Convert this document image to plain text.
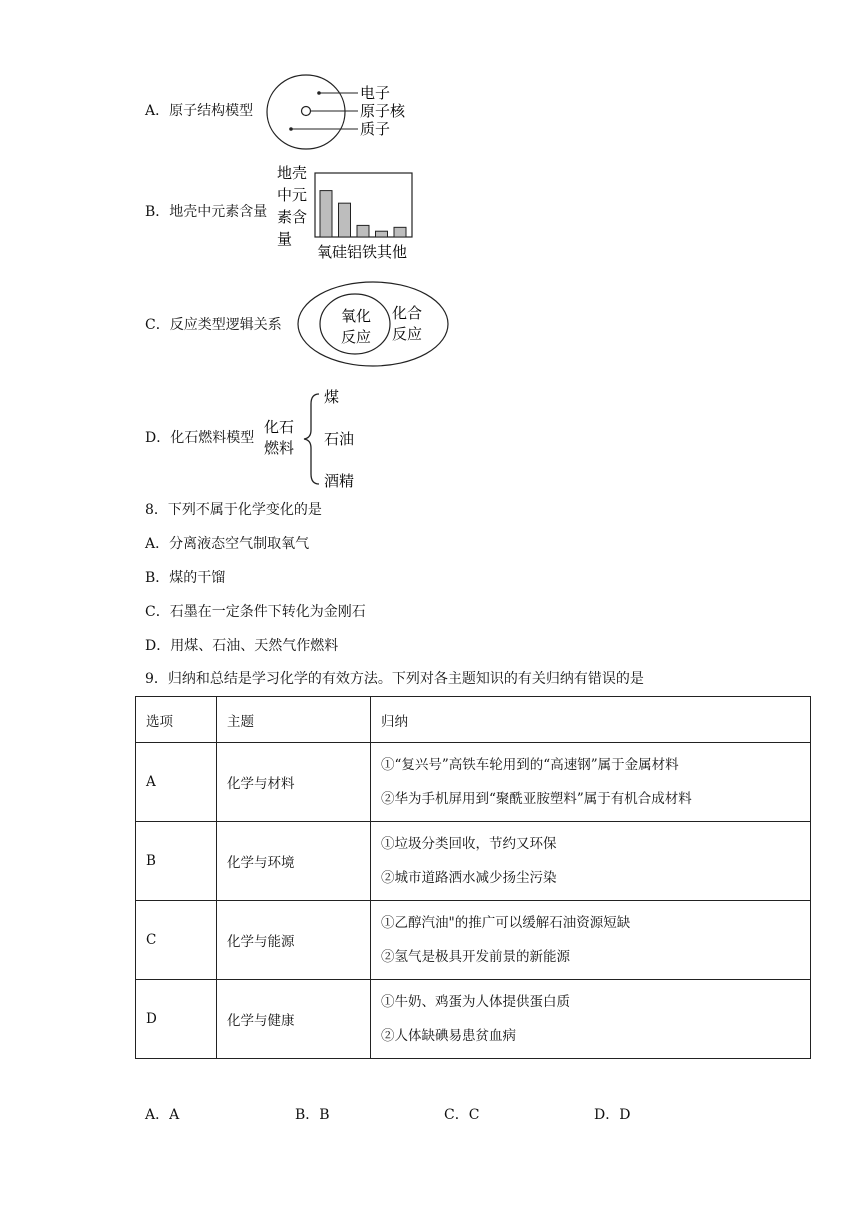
A．原子结构模型
电子
原子核
质子
B．地壳中元素含量
地壳
中元
素含
量
氧硅铝铁其他
C．反应类型逻辑关系	氧化
反应
化合
反应
D．化石燃料模型
化石
燃料
煤
石油
酒精
8．下列不属于化学变化的是
A．分离液态空气制取氧气
B．煤的干馏
C．石墨在一定条件下转化为金刚石
D．用煤、石油、天然气作燃料
9．归纳和总结是学习化学的有效方法。下列对各主题知识的有关归纳有错误的是
选项	主题	归纳
A	化学与材料	①“复兴号”高铁车轮用到的“高速钢”属于金属材料
②华为手机屏用到“聚酰亚胺塑料”属于有机合成材料

B	化学与环境	①垃圾分类回收，节约又环保
②城市道路洒水减少扬尘污染

C	化学与能源	①乙醇汽油"的推广可以缓解石油资源短缺
②氢气是极具开发前景的新能源

D	化学与健康	①牛奶、鸡蛋为人体提供蛋白质
②人体缺碘易患贫血病
A．A	B．B	C．C	D．D
